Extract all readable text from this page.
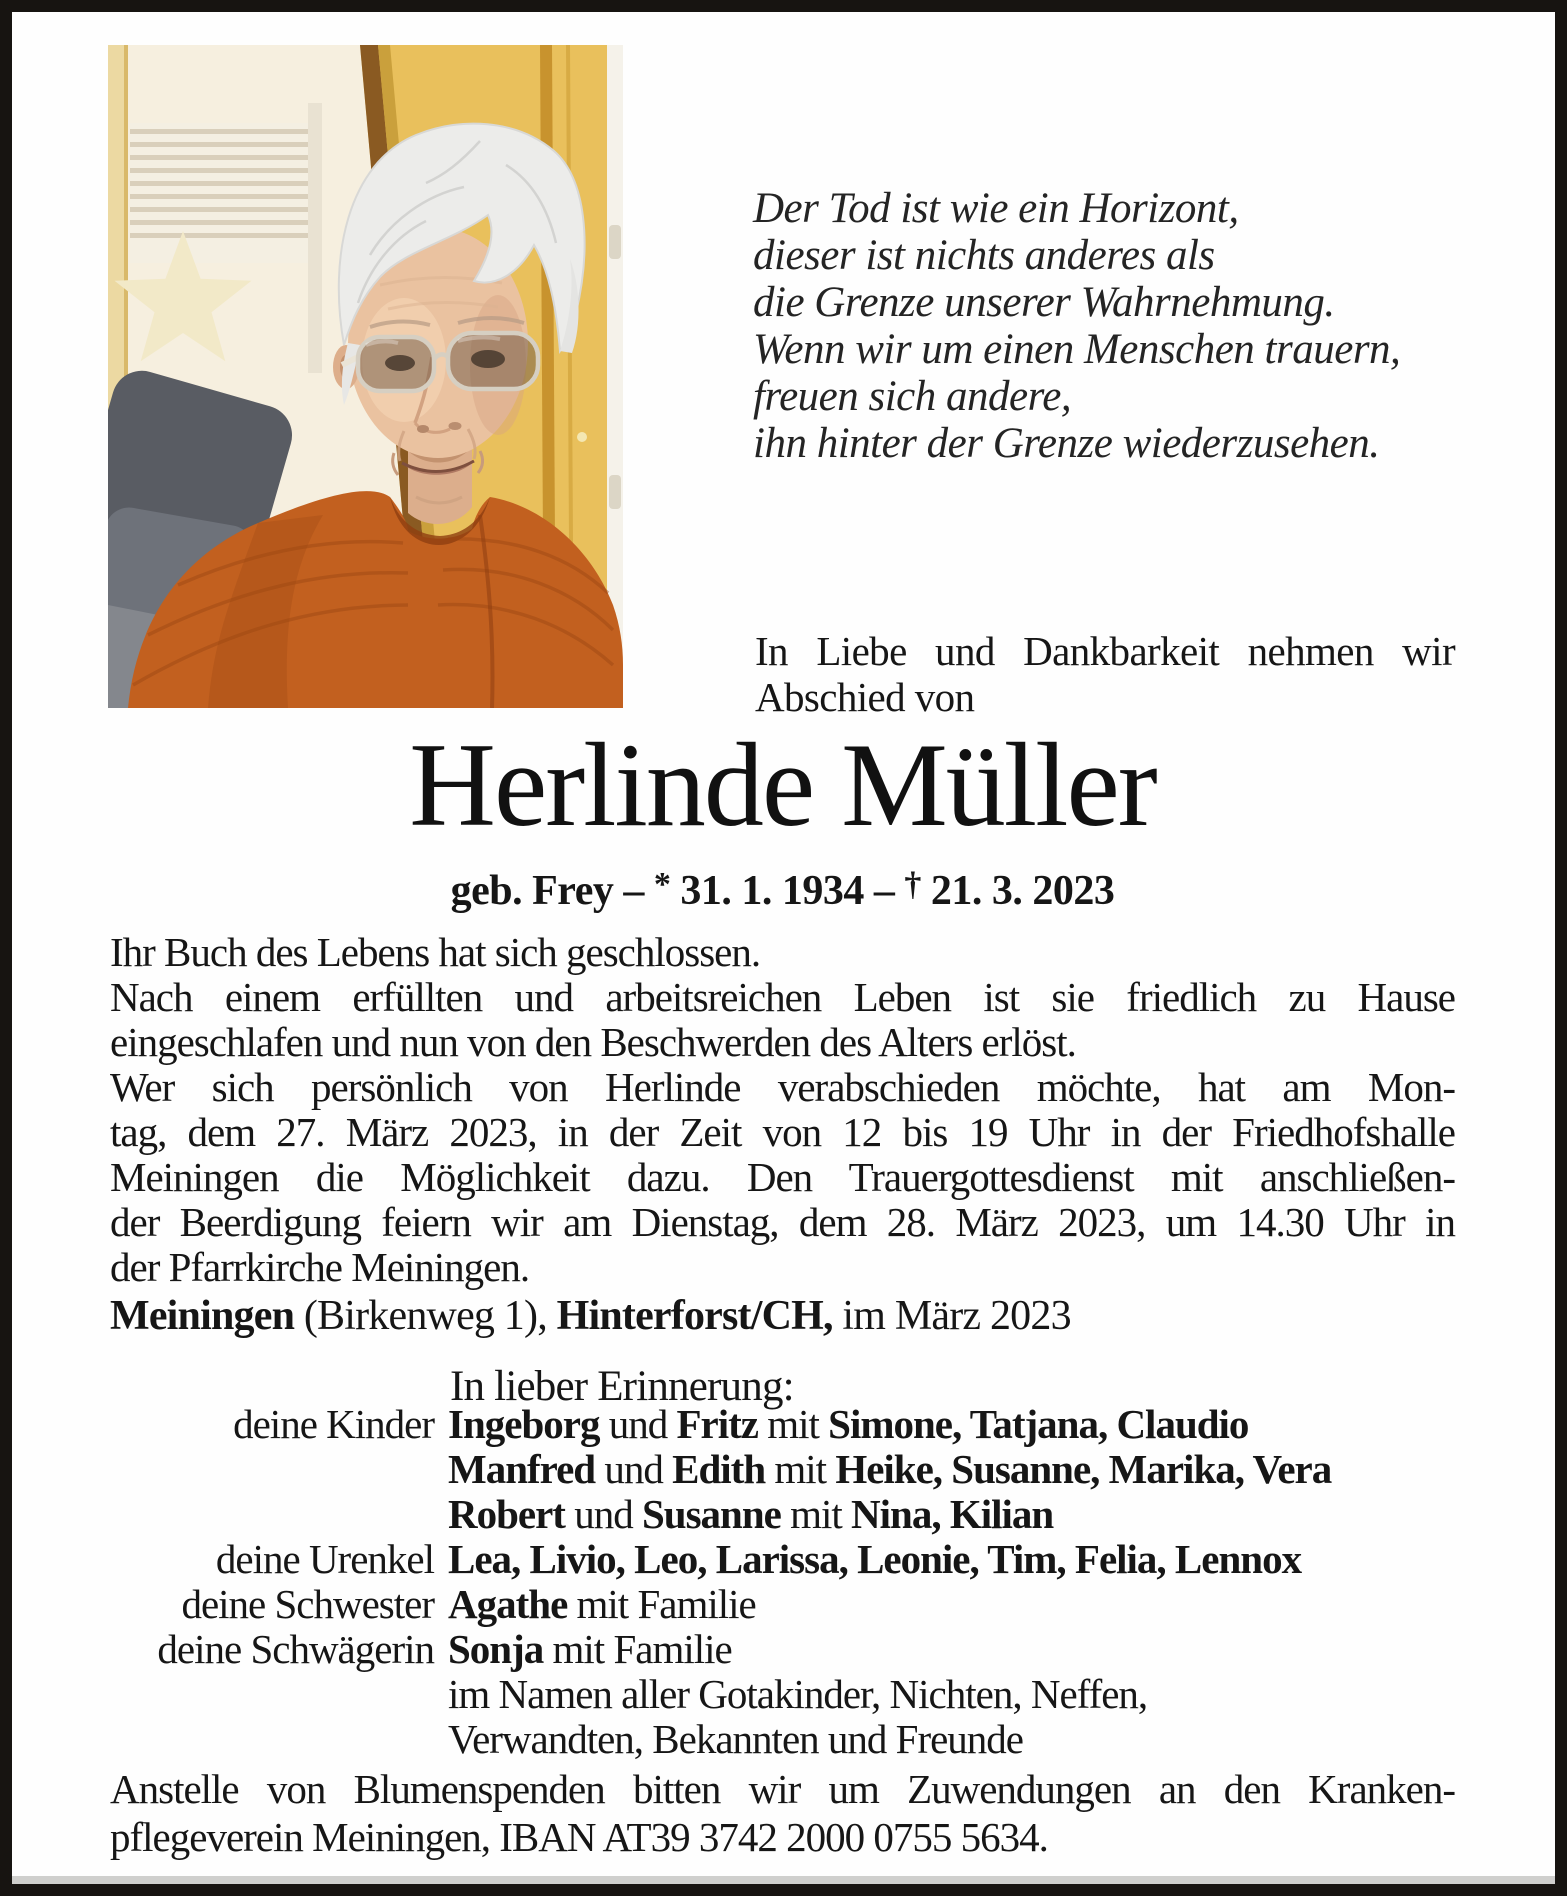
Der Tod ist wie ein Horizont,
dieser ist nichts anderes als
die Grenze unserer Wahrnehmung.
Wenn wir um einen Menschen trauern,
freuen sich andere,
ihn hinter der Grenze wiederzusehen.
In Liebe und Dankbarkeit nehmen wir
Abschied von
Herlinde Müller
geb. Frey – * 31. 1. 1934 – † 21. 3. 2023
Ihr Buch des Lebens hat sich geschlossen.
Nach einem erfüllten und arbeitsreichen Leben ist sie friedlich zu Hause
eingeschlafen und nun von den Beschwerden des Alters erlöst.
Wer sich persönlich von Herlinde verabschieden möchte, hat am Mon-
tag, dem 27. März 2023, in der Zeit von 12 bis 19 Uhr in der Friedhofshalle
Meiningen die Möglichkeit dazu. Den Trauergottesdienst mit anschließen-
der Beerdigung feiern wir am Dienstag, dem 28. März 2023, um 14.30 Uhr in
der Pfarrkirche Meiningen.
Meiningen (Birkenweg 1), Hinterforst/CH, im März 2023
In lieber Erinnerung:
deine Kinder Ingeborg und Fritz mit Simone, Tatjana, Claudio
Manfred und Edith mit Heike, Susanne, Marika, Vera
Robert und Susanne mit Nina, Kilian
deine Urenkel Lea, Livio, Leo, Larissa, Leonie, Tim, Felia, Lennox
deine Schwester Agathe mit Familie
deine Schwägerin Sonja mit Familie
im Namen aller Gotakinder, Nichten, Neffen,
Verwandten, Bekannten und Freunde
Anstelle von Blumenspenden bitten wir um Zuwendungen an den Kranken-
pflegeverein Meiningen, IBAN AT39 3742 2000 0755 5634.
